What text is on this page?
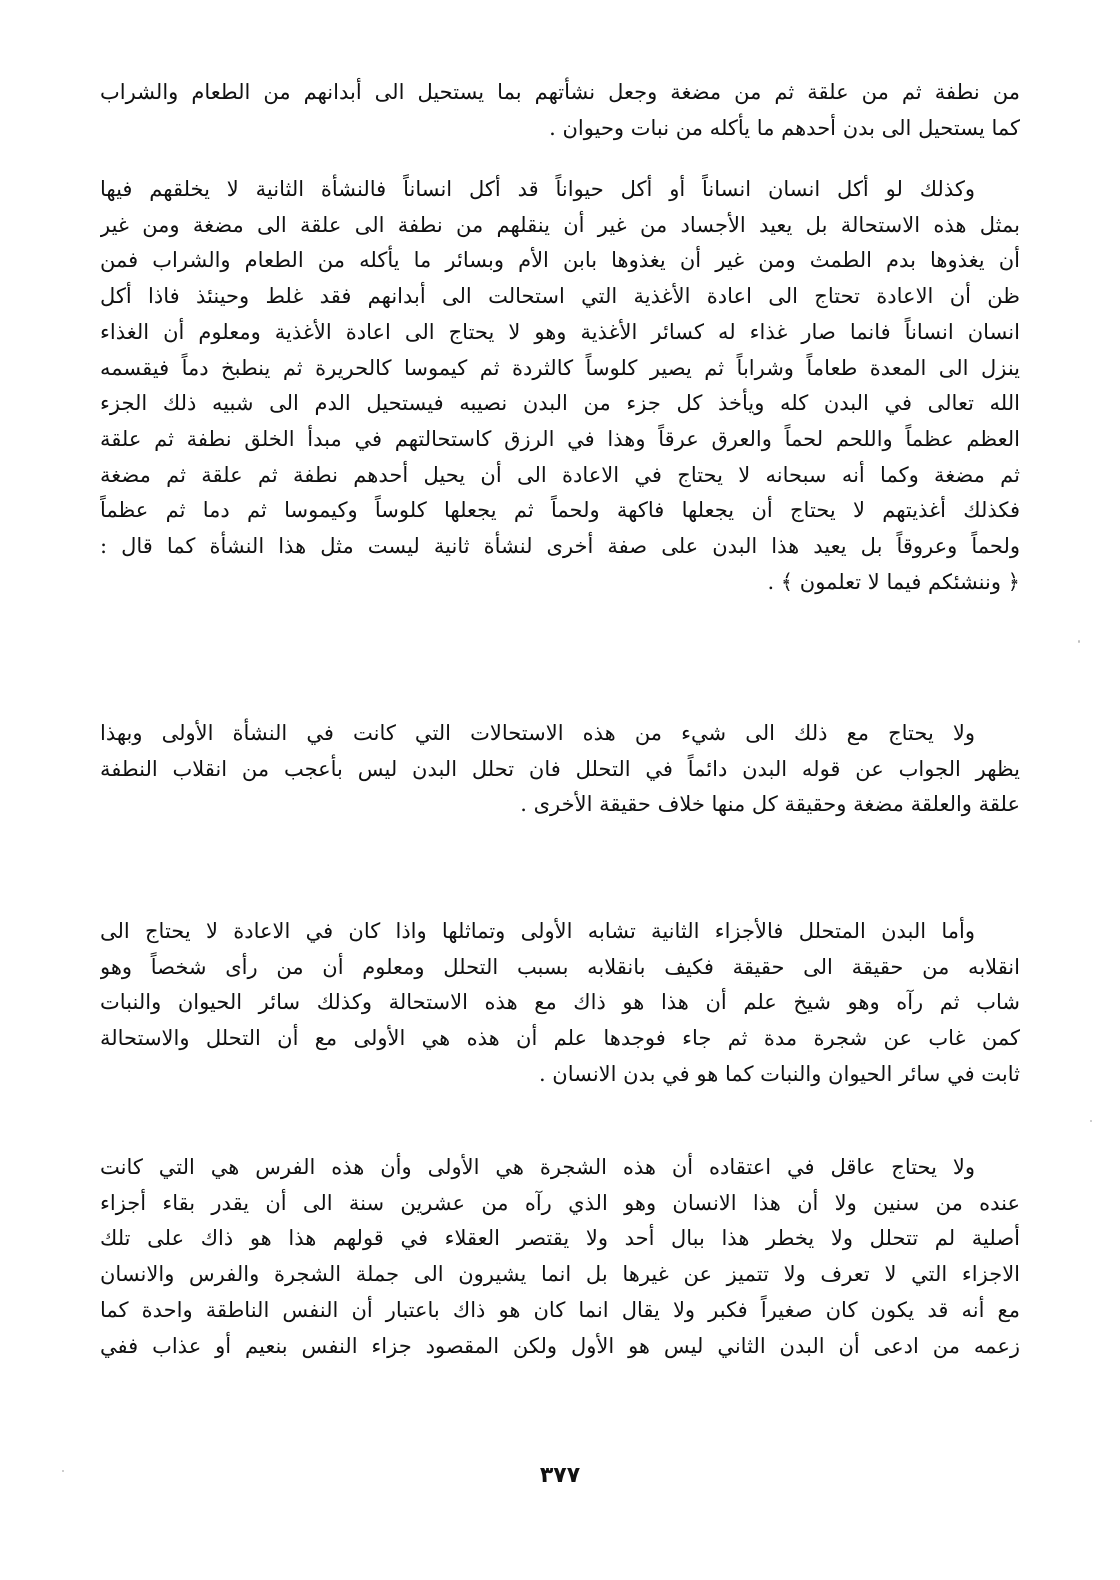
من نطفة ثم من علقة ثم من مضغة وجعل نشأتهم بما يستحيل الى أبدانهم من الطعام والشراب
كما يستحيل الى بدن أحدهم ما يأكله من نبات وحيوان .
وكذلك لو أكل انسان انساناً أو أكل حيواناً قد أكل انساناً فالنشأة الثانية لا يخلقهم فيها
بمثل هذه الاستحالة بل يعيد الأجساد من غير أن ينقلهم من نطفة الى علقة الى مضغة ومن غير
أن يغذوها بدم الطمث ومن غير أن يغذوها بابن الأم وبسائر ما يأكله من الطعام والشراب فمن
ظن أن الاعادة تحتاج الى اعادة الأغذية التي استحالت الى أبدانهم فقد غلط وحينئذ فاذا أكل
انسان انساناً فانما صار غذاء له كسائر الأغذية وهو لا يحتاج الى اعادة الأغذية ومعلوم أن الغذاء
ينزل الى المعدة طعاماً وشراباً ثم يصير كلوساً كالثردة ثم كيموسا كالحريرة ثم ينطبخ دماً فيقسمه
الله تعالى في البدن كله ويأخذ كل جزء من البدن نصيبه فيستحيل الدم الى شبيه ذلك الجزء
العظم عظماً واللحم لحماً والعرق عرقاً وهذا في الرزق كاستحالتهم في مبدأ الخلق نطفة ثم علقة
ثم مضغة وكما أنه سبحانه لا يحتاج في الاعادة الى أن يحيل أحدهم نطفة ثم علقة ثم مضغة
فكذلك أغذيتهم لا يحتاج أن يجعلها فاكهة ولحماً ثم يجعلها كلوساً وكيموسا ثم دما ثم عظماً
ولحماً وعروقاً بل يعيد هذا البدن على صفة أخرى لنشأة ثانية ليست مثل هذا النشأة كما قال :
﴿ وننشئكم فيما لا تعلمون ﴾ .
ولا يحتاج مع ذلك الى شيء من هذه الاستحالات التي كانت في النشأة الأولى وبهذا
يظهر الجواب عن قوله البدن دائماً في التحلل فان تحلل البدن ليس بأعجب من انقلاب النطفة
علقة والعلقة مضغة وحقيقة كل منها خلاف حقيقة الأخرى .
وأما البدن المتحلل فالأجزاء الثانية تشابه الأولى وتماثلها واذا كان في الاعادة لا يحتاج الى
انقلابه من حقيقة الى حقيقة فكيف بانقلابه بسبب التحلل ومعلوم أن من رأى شخصاً وهو
شاب ثم رآه وهو شيخ علم أن هذا هو ذاك مع هذه الاستحالة وكذلك سائر الحيوان والنبات
كمن غاب عن شجرة مدة ثم جاء فوجدها علم أن هذه هي الأولى مع أن التحلل والاستحالة
ثابت في سائر الحيوان والنبات كما هو في بدن الانسان .
ولا يحتاج عاقل في اعتقاده أن هذه الشجرة هي الأولى وأن هذه الفرس هي التي كانت
عنده من سنين ولا أن هذا الانسان وهو الذي رآه من عشرين سنة الى أن يقدر بقاء أجزاء
أصلية لم تتحلل ولا يخطر هذا ببال أحد ولا يقتصر العقلاء في قولهم هذا هو ذاك على تلك
الاجزاء التي لا تعرف ولا تتميز عن غيرها بل انما يشيرون الى جملة الشجرة والفرس والانسان
مع أنه قد يكون كان صغيراً فكبر ولا يقال انما كان هو ذاك باعتبار أن النفس الناطقة واحدة كما
زعمه من ادعى أن البدن الثاني ليس هو الأول ولكن المقصود جزاء النفس بنعيم أو عذاب ففي
٣٧٧
